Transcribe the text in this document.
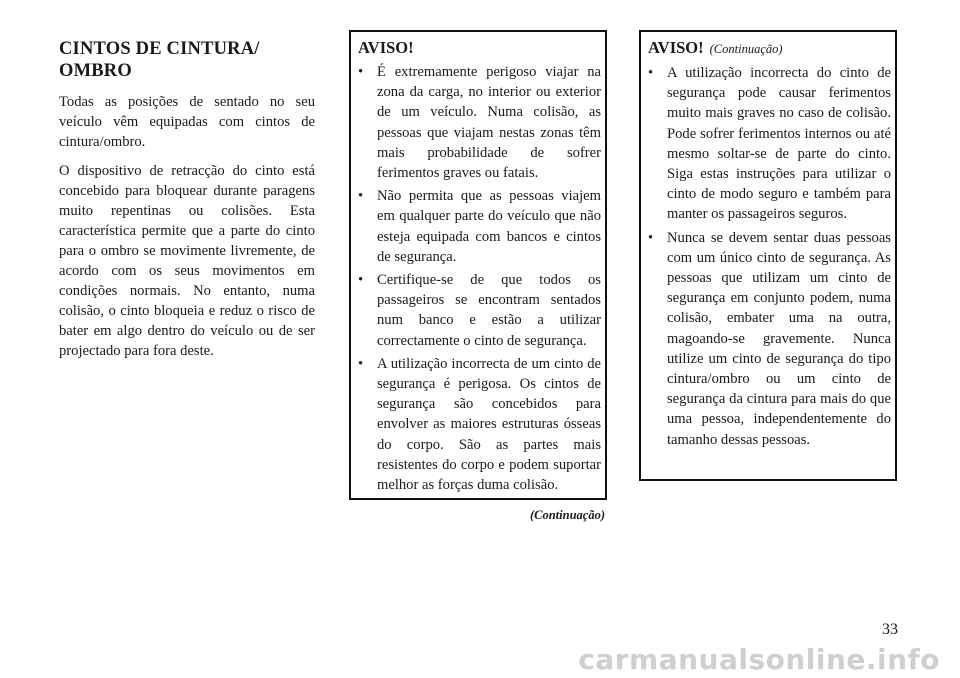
CINTOS DE CINTURA/
OMBRO

Todas as posições de sentado no seu veículo vêm equipadas com cintos de cintura/ombro.

O dispositivo de retracção do cinto está concebido para bloquear durante paragens muito repentinas ou colisões. Esta característica permite que a parte do cinto para o ombro se movimente livremente, de acordo com os seus movimentos em condições normais. No entanto, numa colisão, o cinto bloqueia e reduz o risco de bater em algo dentro do veículo ou de ser projectado para fora deste.

AVISO!
• É extremamente perigoso viajar na zona da carga, no interior ou exterior de um veículo. Numa colisão, as pessoas que viajam nestas zonas têm mais probabilidade de sofrer ferimentos graves ou fatais.
• Não permita que as pessoas viajem em qualquer parte do veículo que não esteja equipada com bancos e cintos de segurança.
• Certifique-se de que todos os passageiros se encontram sentados num banco e estão a utilizar correctamente o cinto de segurança.
• A utilização incorrecta de um cinto de segurança é perigosa. Os cintos de segurança são concebidos para envolver as maiores estruturas ósseas do corpo. São as partes mais resistentes do corpo e podem suportar melhor as forças duma colisão.
(Continuação)
AVISO! (Continuação)
• A utilização incorrecta do cinto de segurança pode causar ferimentos muito mais graves no caso de colisão. Pode sofrer ferimentos internos ou até mesmo soltar-se de parte do cinto. Siga estas instruções para utilizar o cinto de modo seguro e também para manter os passageiros seguros.
• Nunca se devem sentar duas pessoas com um único cinto de segurança. As pessoas que utilizam um cinto de segurança em conjunto podem, numa colisão, embater uma na outra, magoando-se gravemente. Nunca utilize um cinto de segurança do tipo cintura/ombro ou um cinto de segurança da cintura para mais do que uma pessoa, independentemente do tamanho dessas pessoas.
33
carmanualsonline.info
